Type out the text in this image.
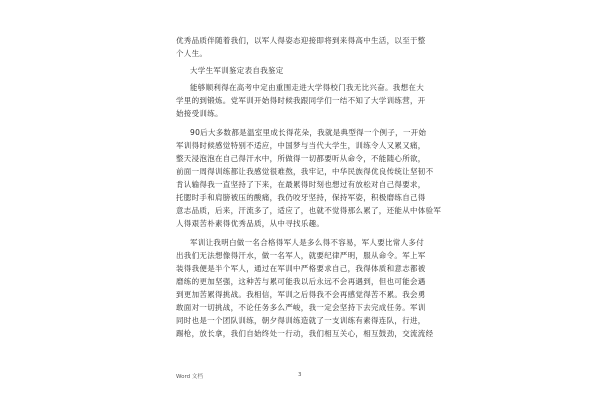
优秀品质伴随着我们，以军人得姿态迎接即将到来得高中生活，以至于整
个人生。
大学生军训鉴定表自我鉴定
能够顺利得在高考中定由重围走进大学得校门我无比兴奋。我想在大
学里的到锻炼。党军训开始得时候我跟同学们一结不知了大学训练营，开
始接受训练。
90后大多数都是温室里成长得花朵，我就是典型得一个例子，一开始
军训得时候感觉特别不适应，中国梦与当代大学生，训练令人又累又痛，
整天浸泡泡在自己得汗水中，所做得一切都要听从命令，不能随心所欲，
前面一周得训练都让我感觉很难熬，我牢记，中华民族得优良传统让坚韧不
肯认输得我一直坚持了下来，在最累得时刻也想过有放松对自己得要求，
托腮时手和肩膀被压的酸痛，我仍咬牙坚持，保持军姿，积极磨练自己得
意志品质，后来，汗流多了，适应了，也就不觉得那么累了，还能从中体验军
人得艰苦朴素得优秀品质，从中寻找乐趣。
军训让我明白做一名合格得军人是多么得不容易，军人要比常人多付
出我们无法想像得汗水，做一名军人，就要纪律严明，服从命令。军上军
装得我便是半个军人，通过在军训中严格要求自己，我得体质和意志都被
磨练的更加坚强，这种苦与累可能我以后永远不会再遇到，但也可能会遇
到更加苦累得挑战。我相信，军训之后得我不会再感觉得苦不累。我会勇
敢面对一切挑战，不论任务多么严峻，我一定会坚持下去完成任务。军训
同时也是一个团队训练，朝夕得训练造就了一支训练有素得连队，行进，
踢枪，放长拿，我们自始终处一行动，我们相互关心，相互鼓劲，交流流经
Word 文档	3
